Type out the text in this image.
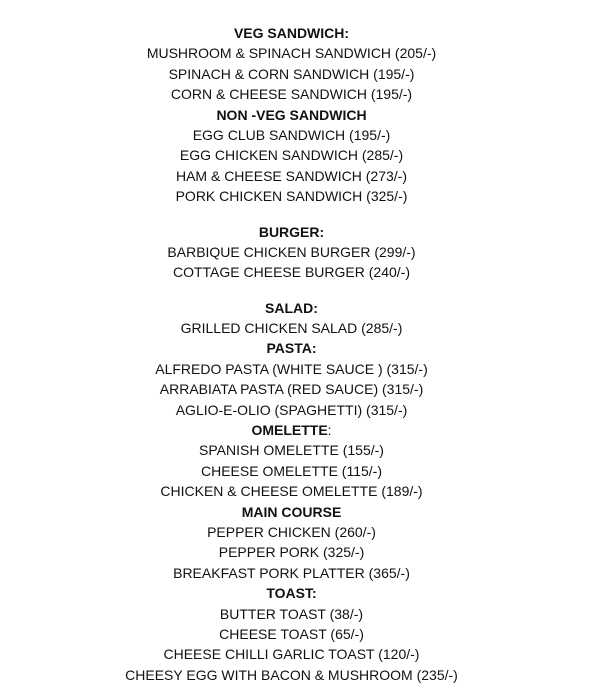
VEG SANDWICH:
MUSHROOM & SPINACH SANDWICH (205/-)
SPINACH & CORN SANDWICH (195/-)
CORN & CHEESE SANDWICH (195/-)
NON -VEG SANDWICH
EGG CLUB SANDWICH (195/-)
EGG CHICKEN SANDWICH (285/-)
HAM & CHEESE SANDWICH (273/-)
PORK CHICKEN SANDWICH (325/-)
BURGER:
BARBIQUE CHICKEN BURGER (299/-)
COTTAGE CHEESE BURGER (240/-)
SALAD:
GRILLED CHICKEN SALAD (285/-)
PASTA:
ALFREDO PASTA (WHITE SAUCE ) (315/-)
ARRABIATA PASTA (RED SAUCE) (315/-)
AGLIO-E-OLIO (SPAGHETTI) (315/-)
OMELETTE:
SPANISH OMELETTE (155/-)
CHEESE OMELETTE (115/-)
CHICKEN & CHEESE OMELETTE (189/-)
MAIN COURSE
PEPPER CHICKEN (260/-)
PEPPER PORK (325/-)
BREAKFAST PORK PLATTER (365/-)
TOAST:
BUTTER TOAST (38/-)
CHEESE TOAST (65/-)
CHEESE CHILLI GARLIC TOAST (120/-)
CHEESY EGG WITH BACON & MUSHROOM (235/-)
